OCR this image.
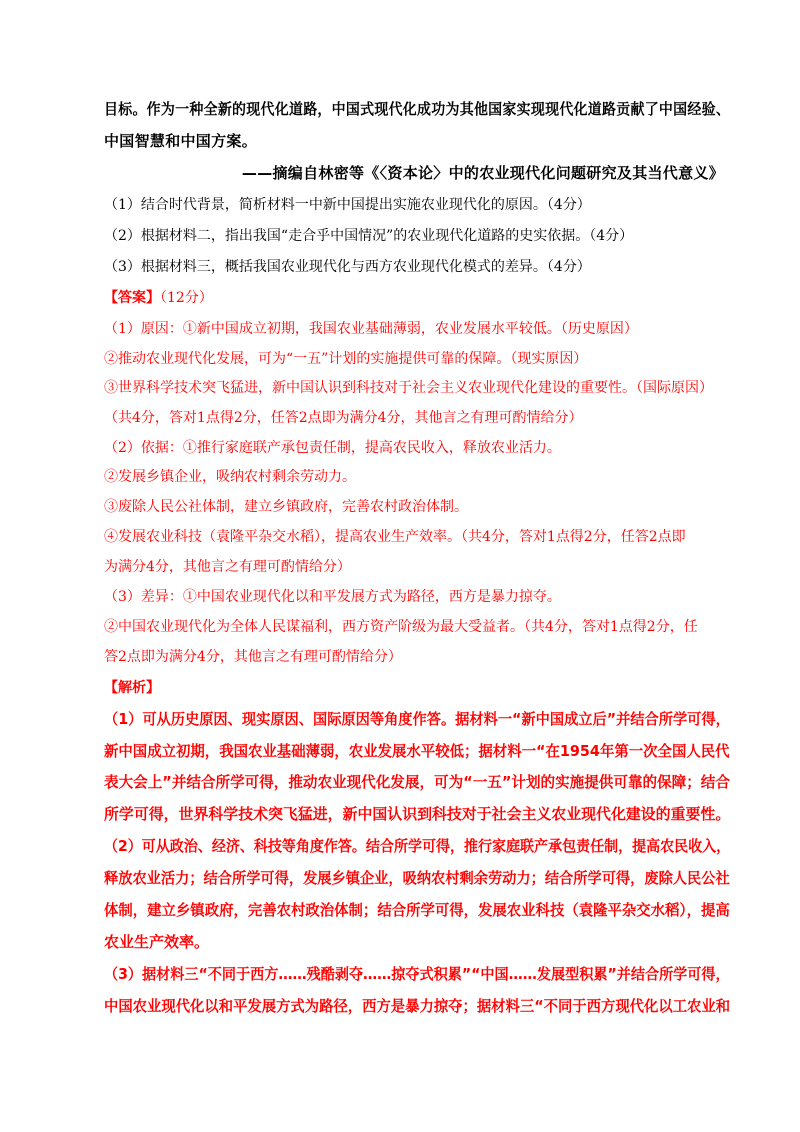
目标。作为一种全新的现代化道路，中国式现代化成功为其他国家实现现代化道路贡献了中国经验、
中国智慧和中国方案。
——摘编自林密等《〈资本论〉中的农业现代化问题研究及其当代意义》
（1）结合时代背景，简析材料一中新中国提出实施农业现代化的原因。（4分）
（2）根据材料二，指出我国“走合乎中国情况”的农业现代化道路的史实依据。（4分）
（3）根据材料三，概括我国农业现代化与西方农业现代化模式的差异。（4分）
【答案】（12分）
（1）原因：①新中国成立初期，我国农业基础薄弱，农业发展水平较低。（历史原因）
②推动农业现代化发展，可为“一五”计划的实施提供可靠的保障。（现实原因）
③世界科学技术突飞猛进，新中国认识到科技对于社会主义农业现代化建设的重要性。（国际原因）
（共4分，答对1点得2分，任答2点即为满分4分，其他言之有理可酌情给分）
（2）依据：①推行家庭联产承包责任制，提高农民收入，释放农业活力。
②发展乡镇企业，吸纳农村剩余劳动力。
③废除人民公社体制，建立乡镇政府，完善农村政治体制。
④发展农业科技（袁隆平杂交水稻），提高农业生产效率。（共4分，答对1点得2分，任答2点即
为满分4分，其他言之有理可酌情给分）
（3）差异：①中国农业现代化以和平发展方式为路径，西方是暴力掠夺。
②中国农业现代化为全体人民谋福利，西方资产阶级为最大受益者。（共4分，答对1点得2分，任
答2点即为满分4分，其他言之有理可酌情给分）
【解析】
（1）可从历史原因、现实原因、国际原因等角度作答。据材料一“新中国成立后”并结合所学可得，
新中国成立初期，我国农业基础薄弱，农业发展水平较低；据材料一“在1954年第一次全国人民代
表大会上”并结合所学可得，推动农业现代化发展，可为“一五”计划的实施提供可靠的保障；结合
所学可得，世界科学技术突飞猛进，新中国认识到科技对于社会主义农业现代化建设的重要性。
（2）可从政治、经济、科技等角度作答。结合所学可得，推行家庭联产承包责任制，提高农民收入，
释放农业活力；结合所学可得，发展乡镇企业，吸纳农村剩余劳动力；结合所学可得，废除人民公社
体制，建立乡镇政府，完善农村政治体制；结合所学可得，发展农业科技（袁隆平杂交水稻），提高
农业生产效率。
（3）据材料三“不同于西方……残酷剥夺……掠夺式积累”“中国……发展型积累”并结合所学可得，
中国农业现代化以和平发展方式为路径，西方是暴力掠夺；据材料三“不同于西方现代化以工农业和
